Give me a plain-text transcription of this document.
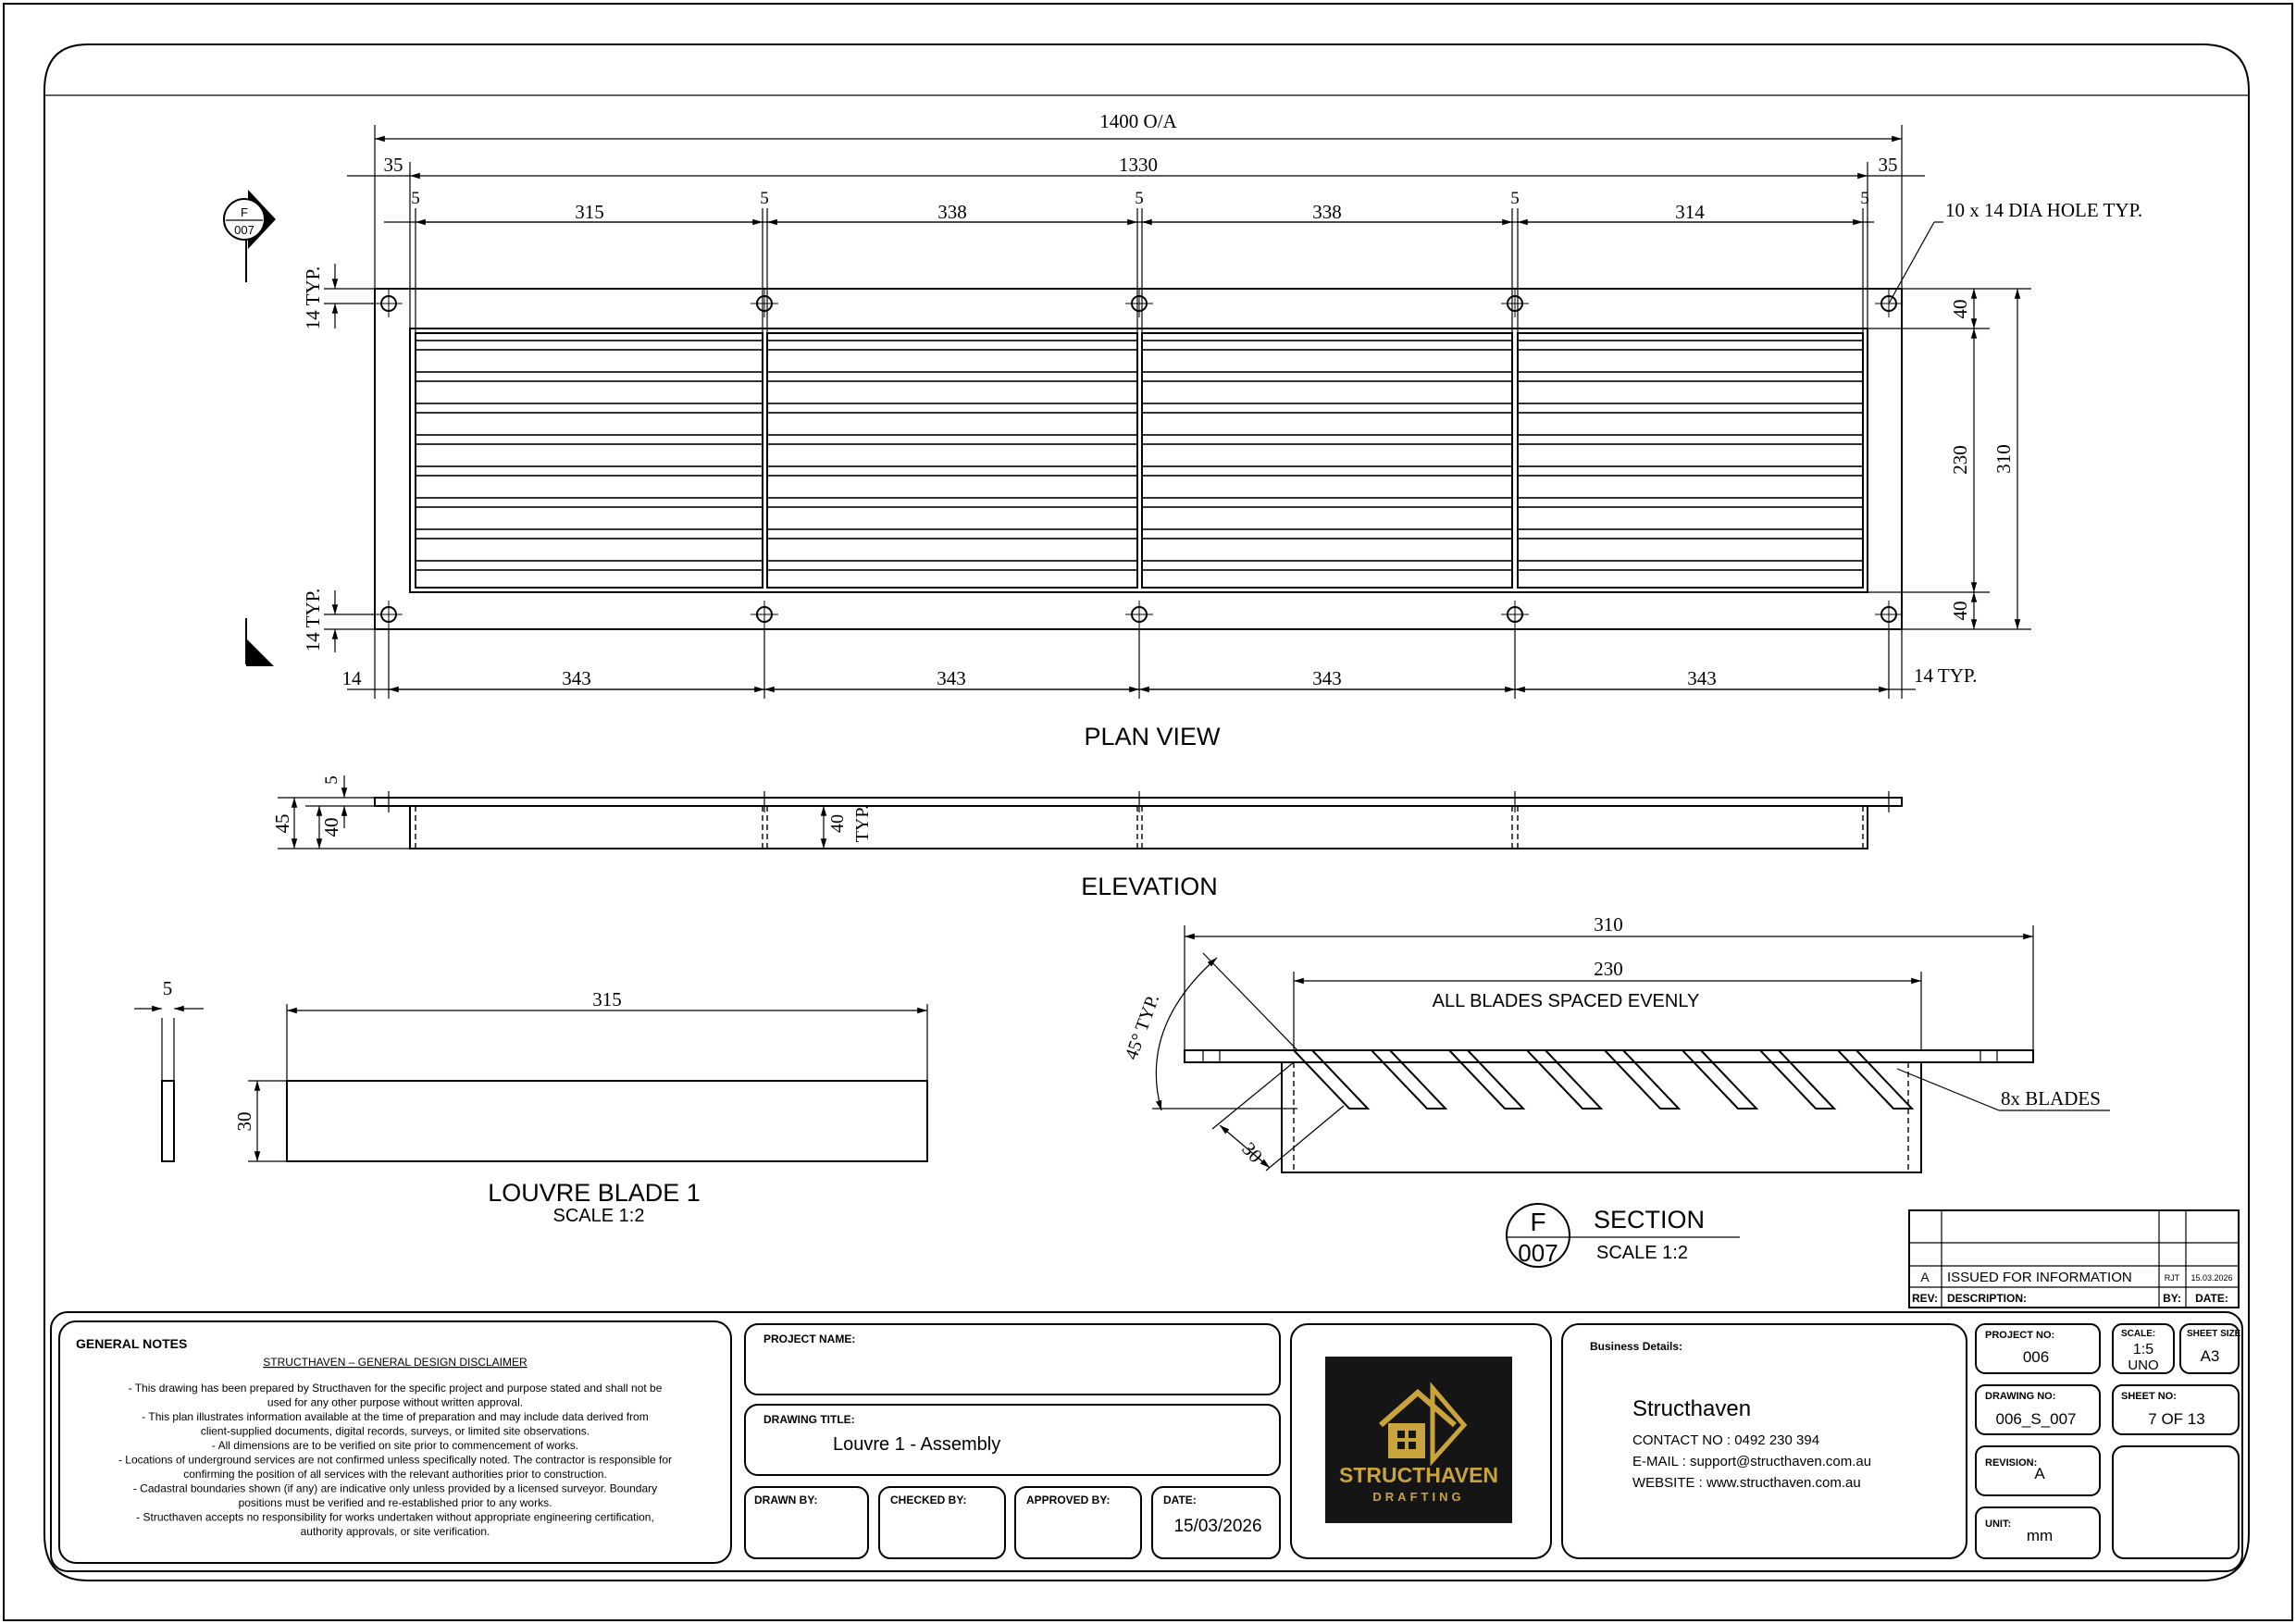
1400 O/A
1330
35	35
315	338	338	314
5	5	5	5	5
10 x 14 DIA HOLE TYP.
14 TYP.
14 TYP.
14	343	343	343	343	14 TYP.
40
230
40
310
F
007
PLAN VIEW
5
40
45	40 TYP.
ELEVATION
5	315
30
LOUVRE BLADE 1
SCALE 1:2
310
230
ALL BLADES SPACED EVENLY
45° TYP.
30
8x BLADES
F
007
SECTION
SCALE 1:2
A ISSUED FOR INFORMATION	RJT 15.03.2026
REV: DESCRIPTION:	BY: DATE:
GENERAL NOTES
STRUCTHAVEN – GENERAL DESIGN DISCLAIMER
- This drawing has been prepared by Structhaven for the specific project and purpose stated and shall not be
used for any other purpose without written approval.
- This plan illustrates information available at the time of preparation and may include data derived from
client-supplied documents, digital records, surveys, or limited site observations.
- All dimensions are to be verified on site prior to commencement of works.
- Locations of underground services are not confirmed unless specifically noted. The contractor is responsible for
confirming the position of all services with the relevant authorities prior to construction.
- Cadastral boundaries shown (if any) are indicative only unless provided by a licensed surveyor. Boundary
positions must be verified and re-established prior to any works.
- Structhaven accepts no responsibility for works undertaken without appropriate engineering certification,
authority approvals, or site verification.
PROJECT NAME:
DRAWING TITLE:
Louvre 1 - Assembly
DRAWN BY:	CHECKED BY:	APPROVED BY:	DATE:
15/03/2026
STRUCTHAVEN
DRAFTING
Business Details:
Structhaven
CONTACT NO : 0492 230 394
E-MAIL : support@structhaven.com.au
WEBSITE : www.structhaven.com.au
PROJECT NO:
006
SCALE:
1:5
UNO
SHEET SIZE:
A3
DRAWING NO:
006_S_007
SHEET NO:
7 OF 13
REVISION:
A
UNIT:
mm
